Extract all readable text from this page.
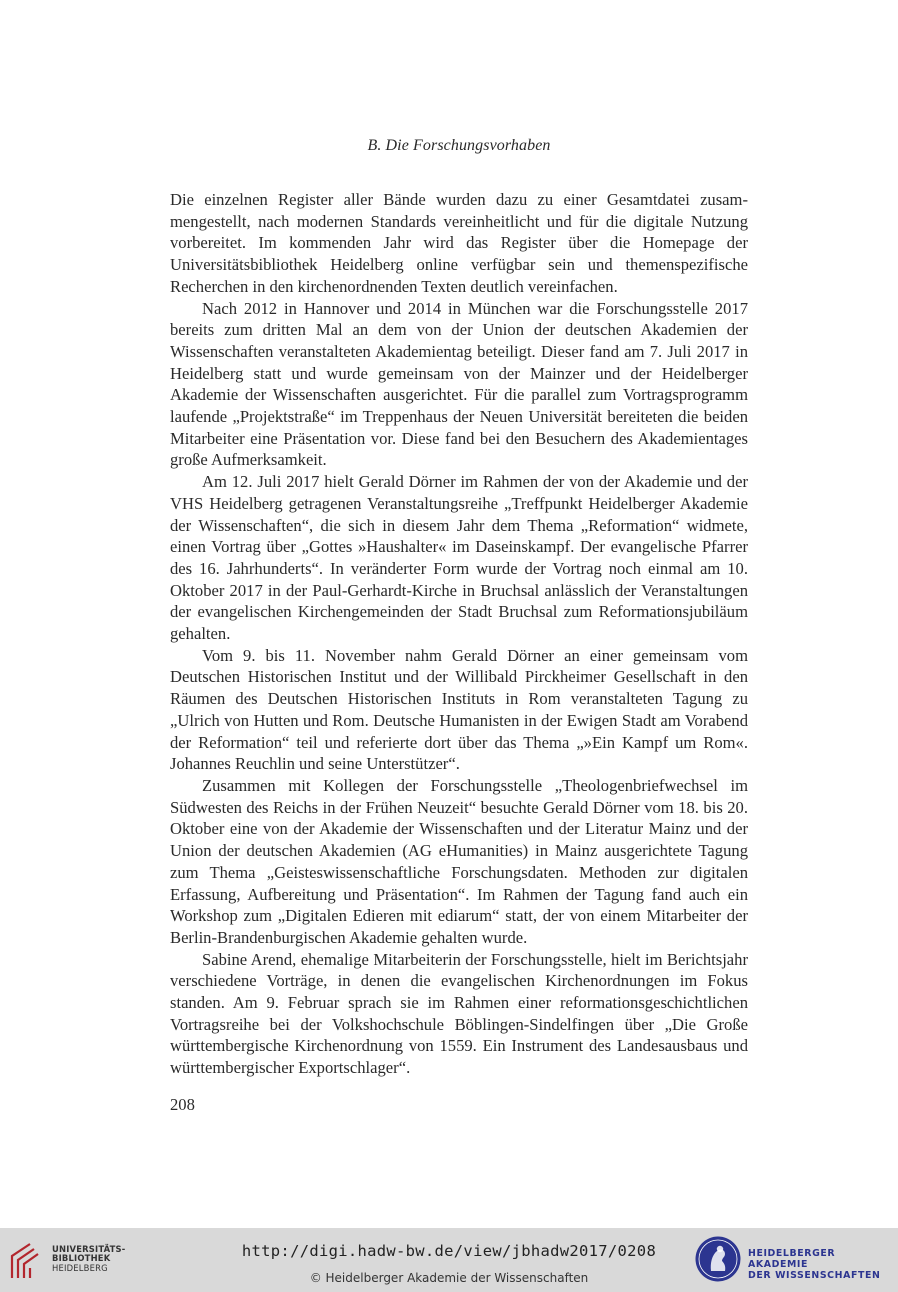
B. Die Forschungsvorhaben

Die einzelnen Register aller Bände wurden dazu zu einer Gesamtdatei zusammengestellt, nach modernen Standards vereinheitlicht und für die digitale Nutzung vorbereitet. Im kommenden Jahr wird das Register über die Homepage der Universitätsbibliothek Heidelberg online verfügbar sein und themenspezifische Recherchen in den kirchenordnenden Texten deutlich vereinfachen.

Nach 2012 in Hannover und 2014 in München war die Forschungsstelle 2017 bereits zum dritten Mal an dem von der Union der deutschen Akademien der Wissenschaften veranstalteten Akademientag beteiligt. Dieser fand am 7. Juli 2017 in Heidelberg statt und wurde gemeinsam von der Mainzer und der Heidelberger Akademie der Wissenschaften ausgerichtet. Für die parallel zum Vortragsprogramm laufende „Projektstraße“ im Treppenhaus der Neuen Universität bereiteten die beiden Mitarbeiter eine Präsentation vor. Diese fand bei den Besuchern des Akademientages große Aufmerksamkeit.

Am 12. Juli 2017 hielt Gerald Dörner im Rahmen der von der Akademie und der VHS Heidelberg getragenen Veranstaltungsreihe „Treffpunkt Heidelberger Akademie der Wissenschaften“, die sich in diesem Jahr dem Thema „Reformation“ widmete, einen Vortrag über „Gottes »Haushalter« im Daseinskampf. Der evangelische Pfarrer des 16. Jahrhunderts“. In veränderter Form wurde der Vortrag noch einmal am 10. Oktober 2017 in der Paul-Gerhardt-Kirche in Bruchsal anlässlich der Veranstaltungen der evangelischen Kirchengemeinden der Stadt Bruchsal zum Reformationsjubiläum gehalten.

Vom 9. bis 11. November nahm Gerald Dörner an einer gemeinsam vom Deutschen Historischen Institut und der Willibald Pirckheimer Gesellschaft in den Räumen des Deutschen Historischen Instituts in Rom veranstalteten Tagung zu „Ulrich von Hutten und Rom. Deutsche Humanisten in der Ewigen Stadt am Vorabend der Reformation“ teil und referierte dort über das Thema „»Ein Kampf um Rom«. Johannes Reuchlin und seine Unterstützer“.

Zusammen mit Kollegen der Forschungsstelle „Theologenbriefwechsel im Südwesten des Reichs in der Frühen Neuzeit“ besuchte Gerald Dörner vom 18. bis 20. Oktober eine von der Akademie der Wissenschaften und der Literatur Mainz und der Union der deutschen Akademien (AG eHumanities) in Mainz ausgerichtete Tagung zum Thema „Geisteswissenschaftliche Forschungsdaten. Methoden zur digitalen Erfassung, Aufbereitung und Präsentation“. Im Rahmen der Tagung fand auch ein Workshop zum „Digitalen Edieren mit ediarum“ statt, der von einem Mitarbeiter der Berlin-Brandenburgischen Akademie gehalten wurde.

Sabine Arend, ehemalige Mitarbeiterin der Forschungsstelle, hielt im Berichtsjahr verschiedene Vorträge, in denen die evangelischen Kirchenordnungen im Fokus standen. Am 9. Februar sprach sie im Rahmen einer reformationsgeschichtlichen Vortragsreihe bei der Volkshochschule Böblingen-Sindelfingen über „Die Große württembergische Kirchenordnung von 1559. Ein Instrument des Landesausbaus und württembergischer Exportschlager“.

208
UNIVERSITÄTS-
BIBLIOTHEK
HEIDELBERG
http://digi.hadw-bw.de/view/jbhadw2017/0208
© Heidelberger Akademie der Wissenschaften
HEIDELBERGER AKADEMIE
DER WISSENSCHAFTEN
